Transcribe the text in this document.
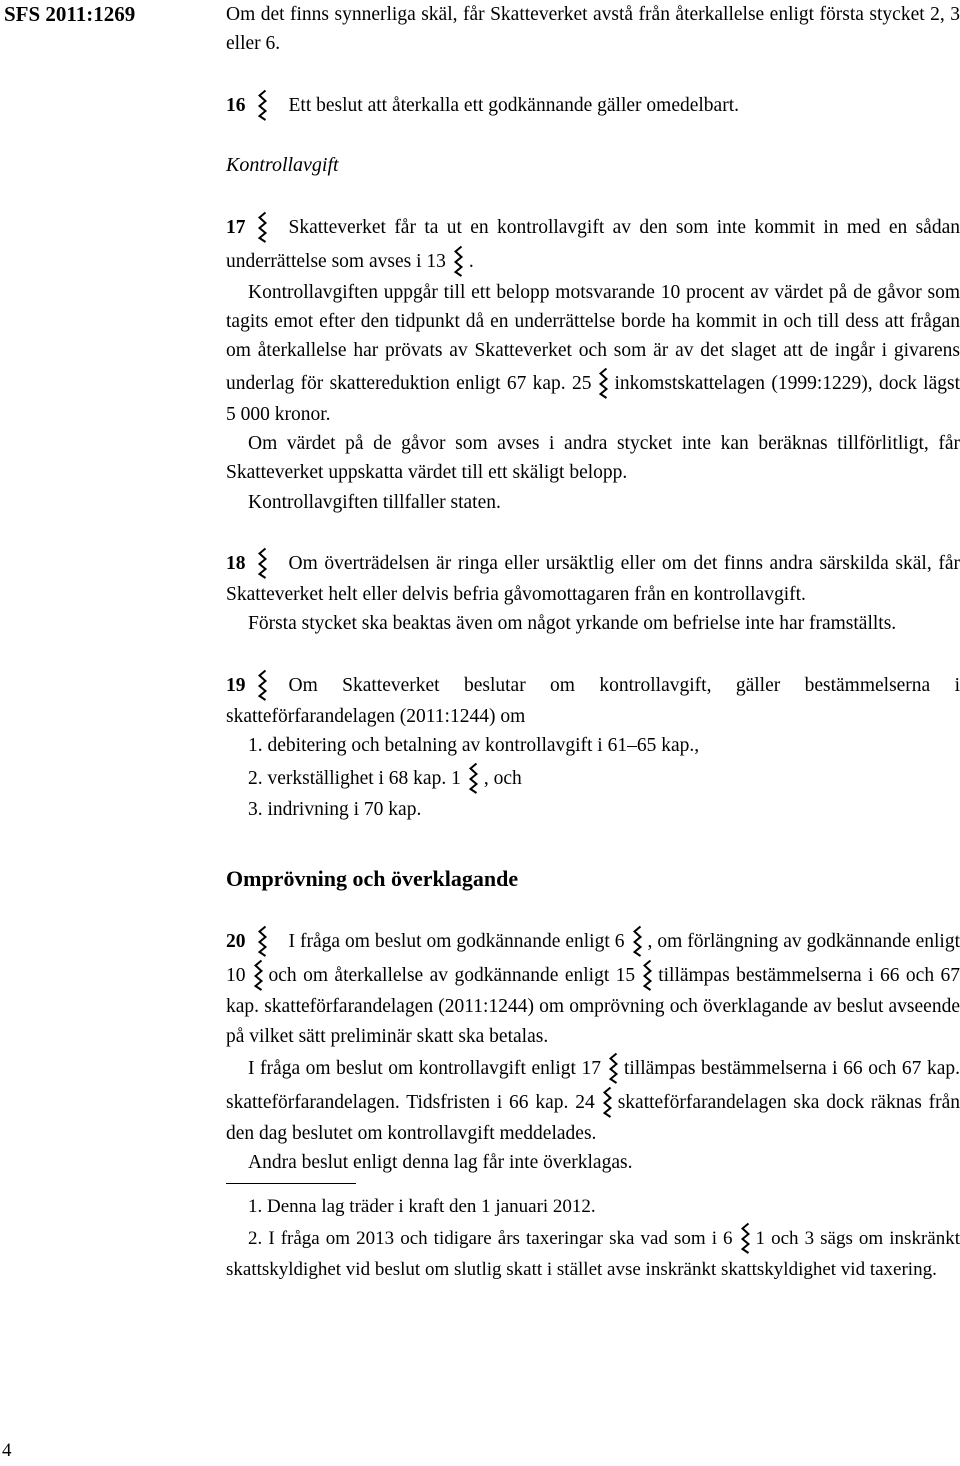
SFS 2011:1269
4

Om det finns synnerliga skäl, får Skatteverket avstå från återkallelse enligt första stycket 2, 3 eller 6.

16 Ett beslut att återkalla ett godkännande gäller omedelbart.

Kontrollavgift

17 Skatteverket får ta ut en kontrollavgift av den som inte kommit in med en sådan underrättelse som avses i 13 .

Kontrollavgiften uppgår till ett belopp motsvarande 10 procent av värdet på de gåvor som tagits emot efter den tidpunkt då en underrättelse borde ha kommit in och till dess att frågan om återkallelse har prövats av Skatteverket och som är av det slaget att de ingår i givarens underlag för skattereduktion enligt 67 kap. 25 inkomstskattelagen (1999:1229), dock lägst 5 000 kronor.

Om värdet på de gåvor som avses i andra stycket inte kan beräknas tillförlitligt, får Skatteverket uppskatta värdet till ett skäligt belopp.

Kontrollavgiften tillfaller staten.

18 Om överträdelsen är ringa eller ursäktlig eller om det finns andra särskilda skäl, får Skatteverket helt eller delvis befria gåvomottagaren från en kontrollavgift.

Första stycket ska beaktas även om något yrkande om befrielse inte har framställts.

19 Om Skatteverket beslutar om kontrollavgift, gäller bestämmelserna i skatteförfarandelagen (2011:1244) om

1. debitering och betalning av kontrollavgift i 61–65 kap.,
2. verkställighet i 68 kap. 1 , och
3. indrivning i 70 kap.

Omprövning och överklagande

20 I fråga om beslut om godkännande enligt 6 , om förlängning av godkännande enligt 10 och om återkallelse av godkännande enligt 15 tillämpas bestämmelserna i 66 och 67 kap. skatteförfarandelagen (2011:1244) om omprövning och överklagande av beslut avseende på vilket sätt preliminär skatt ska betalas.

I fråga om beslut om kontrollavgift enligt 17 tillämpas bestämmelserna i 66 och 67 kap. skatteförfarandelagen. Tidsfristen i 66 kap. 24 skatteförfarandelagen ska dock räknas från den dag beslutet om kontrollavgift meddelades.

Andra beslut enligt denna lag får inte överklagas.

1. Denna lag träder i kraft den 1 januari 2012.

2. I fråga om 2013 och tidigare års taxeringar ska vad som i 6 1 och 3 sägs om inskränkt skattskyldighet vid beslut om slutlig skatt i stället avse inskränkt skattskyldighet vid taxering.
